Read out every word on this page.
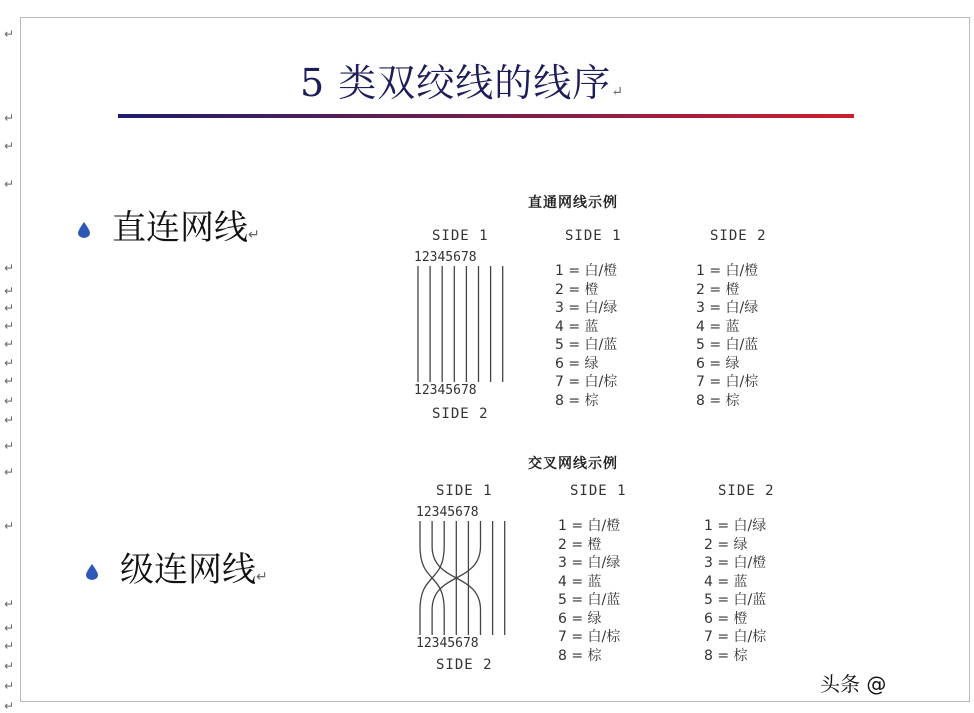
↵
↵
↵
↵
↵
↵
↵
↵
↵
↵
↵
↵
↵
↵
↵
↵
↵
↵
↵
↵
↵
↵
5 类双绞线的线序↵
直连网线↵
级连网线↵
直通网线示例
SIDE 1
12345678
12345678
SIDE 2
SIDE 1
1 = 白/橙
2 = 橙
3 = 白/绿
4 = 蓝
5 = 白/蓝
6 = 绿
7 = 白/棕
8 = 棕
SIDE 2
1 = 白/橙
2 = 橙
3 = 白/绿
4 = 蓝
5 = 白/蓝
6 = 绿
7 = 白/棕
8 = 棕
交叉网线示例
SIDE 1
12345678
12345678
SIDE 2
SIDE 1
1 = 白/橙
2 = 橙
3 = 白/绿
4 = 蓝
5 = 白/蓝
6 = 绿
7 = 白/棕
8 = 棕
SIDE 2
1 = 白/绿
2 = 绿
3 = 白/橙
4 = 蓝
5 = 白/蓝
6 = 橙
7 = 白/棕
8 = 棕
头条 @
